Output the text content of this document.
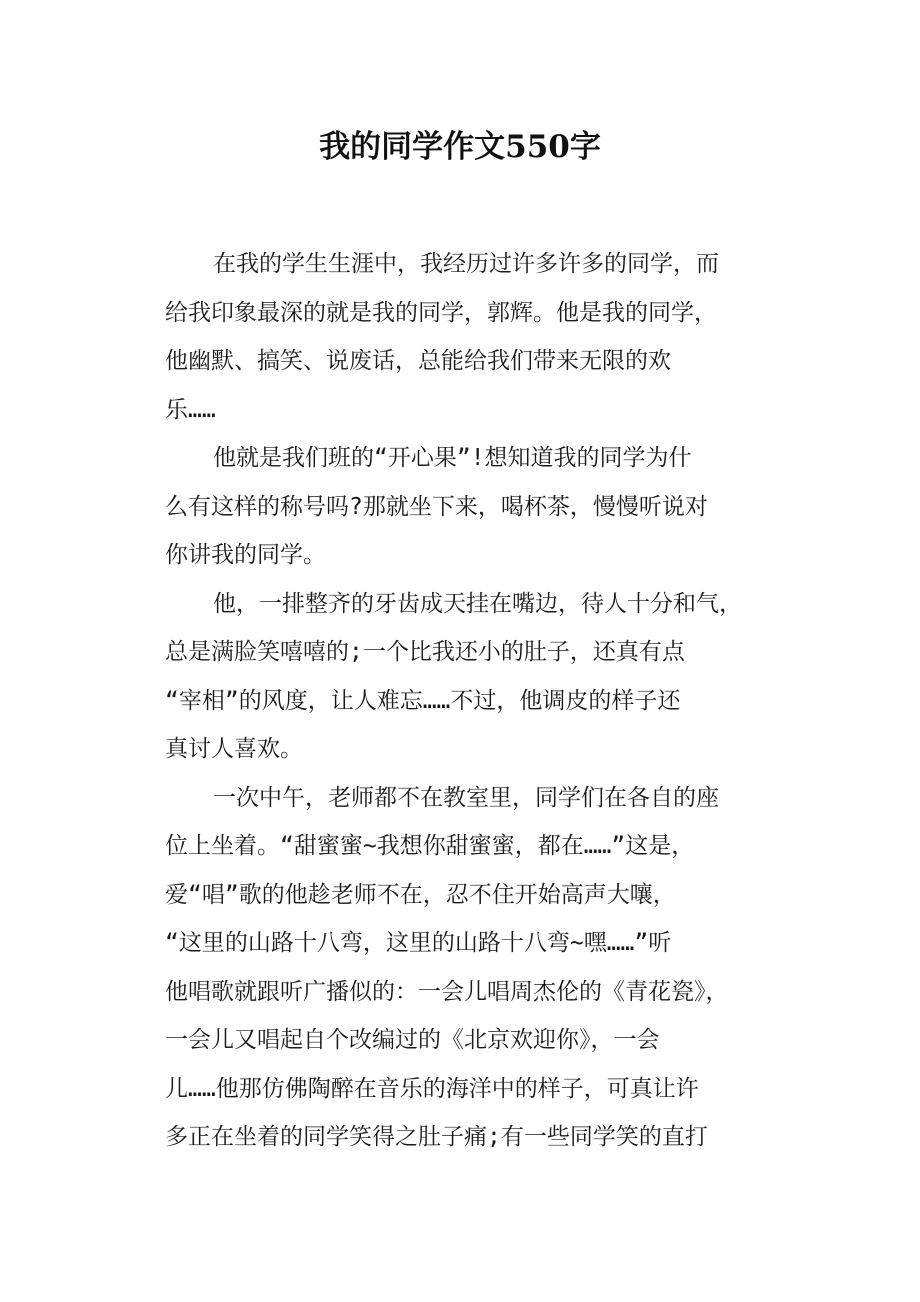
我的同学作文550字
在我的学生生涯中，我经历过许多许多的同学，而
给我印象最深的就是我的同学，郭辉。他是我的同学，
他幽默、搞笑、说废话，总能给我们带来无限的欢
乐……
他就是我们班的“开心果”!想知道我的同学为什
么有这样的称号吗?那就坐下来，喝杯茶，慢慢听说对
你讲我的同学。
他，一排整齐的牙齿成天挂在嘴边，待人十分和气，
总是满脸笑嘻嘻的;一个比我还小的肚子，还真有点
“宰相”的风度，让人难忘……不过，他调皮的样子还
真讨人喜欢。
一次中午，老师都不在教室里，同学们在各自的座
位上坐着。“甜蜜蜜~我想你甜蜜蜜，都在……”这是，
爱“唱”歌的他趁老师不在，忍不住开始高声大嚷，
“这里的山路十八弯，这里的山路十八弯~嘿……”听
他唱歌就跟听广播似的：一会儿唱周杰伦的《青花瓷》，
一会儿又唱起自个改编过的《北京欢迎你》，一会
儿……他那仿佛陶醉在音乐的海洋中的样子，可真让许
多正在坐着的同学笑得之肚子痛;有一些同学笑的直打
